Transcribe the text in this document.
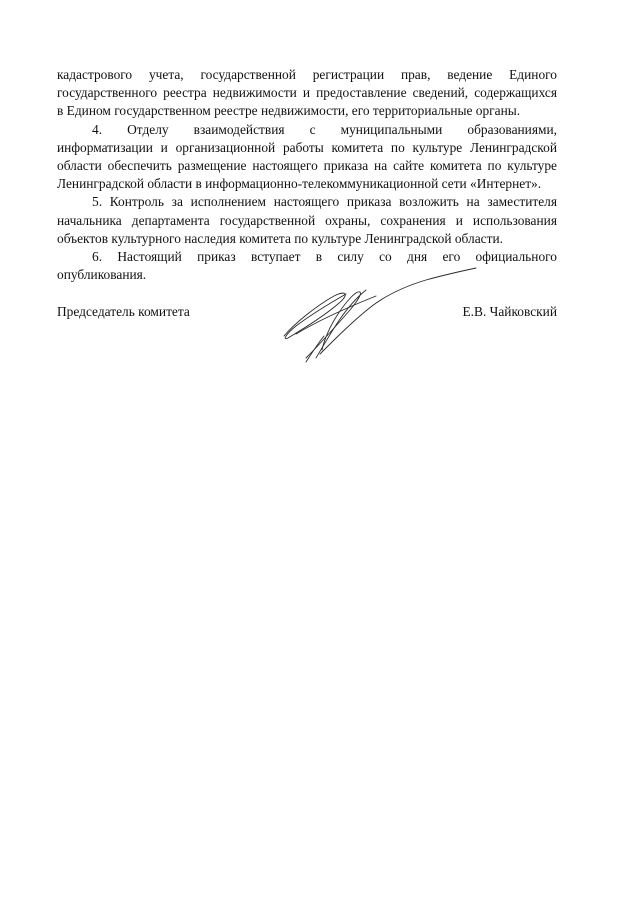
кадастрового учета, государственной регистрации прав, ведение Единого
государственного реестра недвижимости и предоставление сведений, содержащихся
в Едином государственном реестре недвижимости, его территориальные органы.
4. Отделу взаимодействия с муниципальными образованиями,
информатизации и организационной работы комитета по культуре Ленинградской
области обеспечить размещение настоящего приказа на сайте комитета по культуре
Ленинградской области в информационно-телекоммуникационной сети «Интернет».
5. Контроль за исполнением настоящего приказа возложить на заместителя
начальника департамента государственной охраны, сохранения и использования
объектов культурного наследия комитета по культуре Ленинградской области.
6. Настоящий приказ вступает в силу со дня его официального
опубликования.
Председатель комитета	Е.В. Чайковский
